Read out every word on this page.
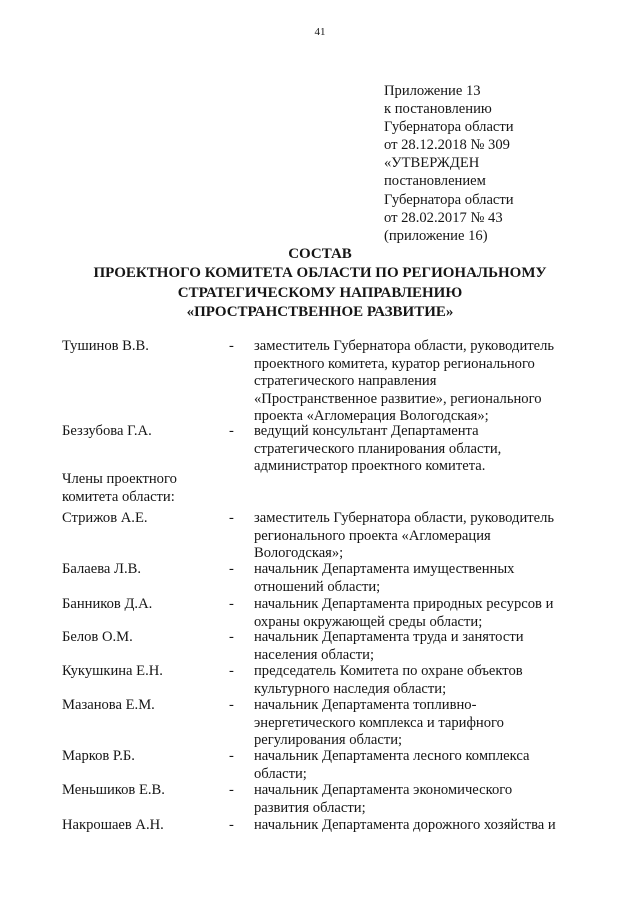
41
Приложение 13
к постановлению
Губернатора области
от 28.12.2018 № 309
«УТВЕРЖДЕН
постановлением
Губернатора области
от 28.02.2017 № 43
(приложение 16)
СОСТАВ
ПРОЕКТНОГО КОМИТЕТА ОБЛАСТИ ПО РЕГИОНАЛЬНОМУ
СТРАТЕГИЧЕСКОМУ НАПРАВЛЕНИЮ
«ПРОСТРАНСТВЕННОЕ РАЗВИТИЕ»
Тушинов В.В.	- заместитель Губернатора области, руководитель
проектного комитета, куратор регионального
стратегического направления
«Пространственное развитие», регионального
проекта «Агломерация Вологодская»;
Беззубова Г.А.	- ведущий консультант Департамента
стратегического планирования области,
администратор проектного комитета.
Члены проектного комитета области:
Стрижов А.Е.	- заместитель Губернатора области, руководитель
регионального проекта «Агломерация
Вологодская»;
Балаева Л.В.	- начальник Департамента имущественных
отношений области;
Банников Д.А.	- начальник Департамента природных ресурсов и
охраны окружающей среды области;
Белов О.М.	- начальник Департамента труда и занятости
населения области;
Кукушкина Е.Н.	- председатель Комитета по охране объектов
культурного наследия области;
Мазанова Е.М.	- начальник Департамента топливно-
энергетического комплекса и тарифного
регулирования области;
Марков Р.Б.	- начальник Департамента лесного комплекса
области;
Меньшиков Е.В.	- начальник Департамента экономического
развития области;
Накрошаев А.Н.	- начальник Департамента дорожного хозяйства и
